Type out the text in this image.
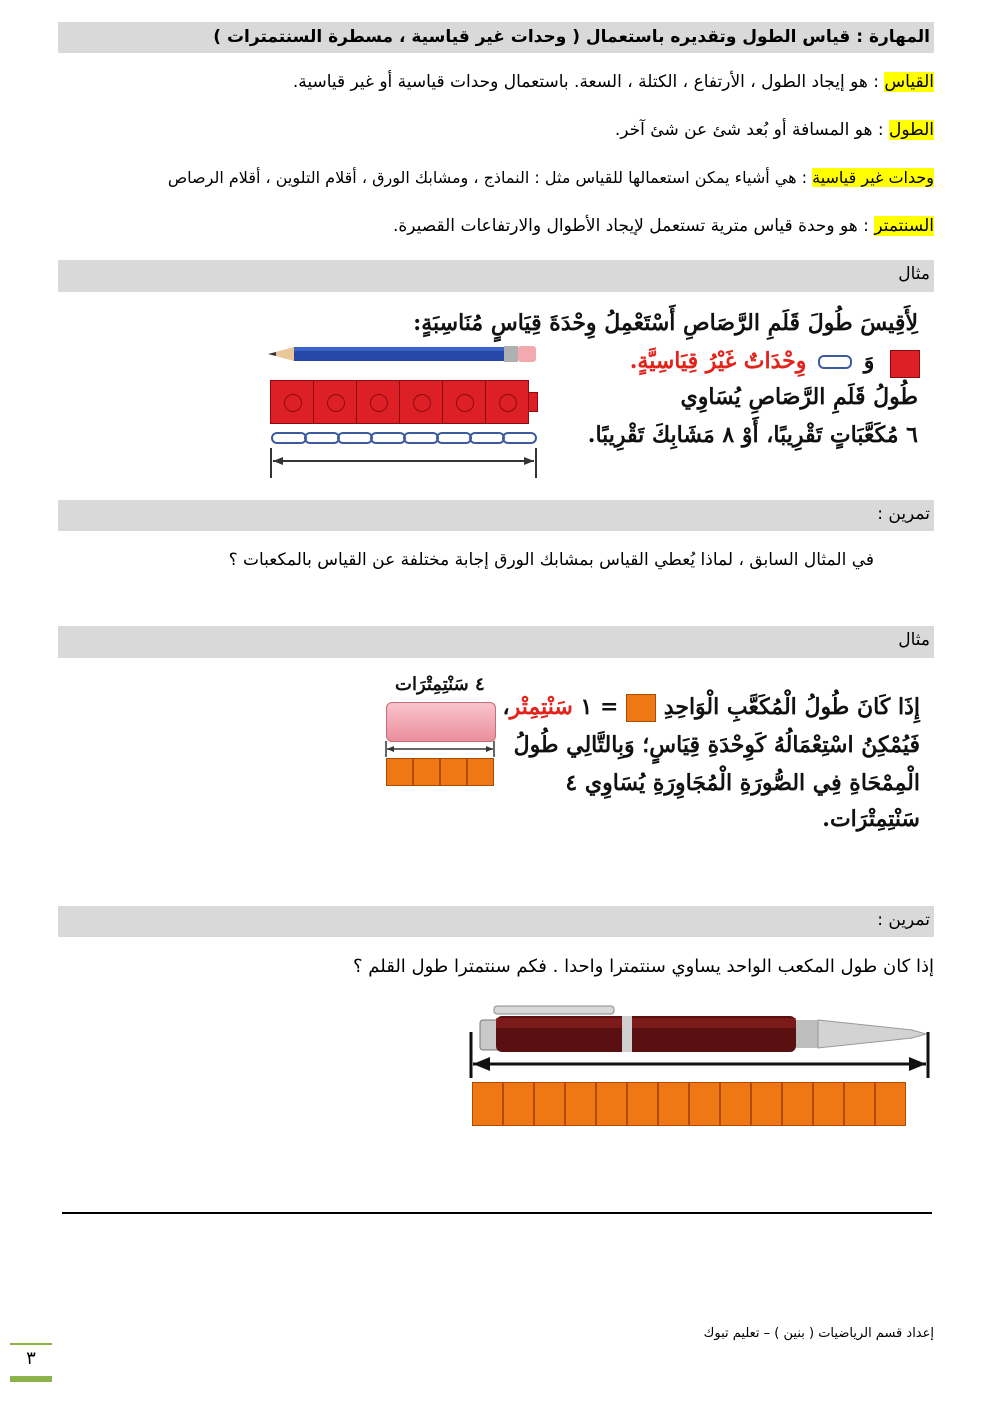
المهارة : قياس الطول وتقديره باستعمال ( وحدات غير قياسية ، مسطرة السنتمترات )
القياس : هو إيجاد الطول ، الأرتفاع ، الكتلة ، السعة. باستعمال وحدات قياسية أو غير قياسية.
الطول : هو المسافة أو بُعد شئ عن شئ آخر.
وحدات غير قياسية : هي أشياء يمكن استعمالها للقياس مثل : النماذج ، ومشابك الورق ، أقلام التلوين ، أقلام الرصاص
السنتمتر : هو وحدة قياس مترية تستعمل لإيجاد الأطوال والارتفاعات القصيرة.
مثال
لِأَقِيسَ طُولَ قَلَمِ الرَّصَاصِ أَسْتَعْمِلُ وِحْدَةَ قِيَاسٍ مُنَاسِبَةٍ:
وَ  وِحْدَاتٌ غَيْرُ قِيَاسِيَّةٍ.
طُولُ قَلَمِ الرَّصَاصِ يُسَاوِي
٦ مُكَعَّبَاتٍ تَقْرِيبًا، أَوْ ٨ مَشَابِكَ تَقْرِيبًا.
تمرين :
في المثال السابق ، لماذا يُعطي القياس بمشابك الورق إجابة مختلفة عن القياس بالمكعبات ؟
مثال
٤ سَنْتِمِتْرَات
إِذَا كَانَ طُولُ الْمُكَعَّبِ الْوَاحِدِ  = ١ سَنْتِمِتْر،
فَيُمْكِنُ اسْتِعْمَالُهُ كَوِحْدَةِ قِيَاسٍ؛ وَبِالتَّالِي طُولُ
الْمِمْحَاةِ فِي الصُّورَةِ الْمُجَاوِرَةِ يُسَاوِي ٤
سَنْتِمِتْرَات.
تمرين :
إذا كان طول المكعب الواحد يساوي سنتمترا واحدا . فكم سنتمترا طول القلم ؟
إعداد قسم الرياضيات ( بنين ) – تعليم تبوك
٣
